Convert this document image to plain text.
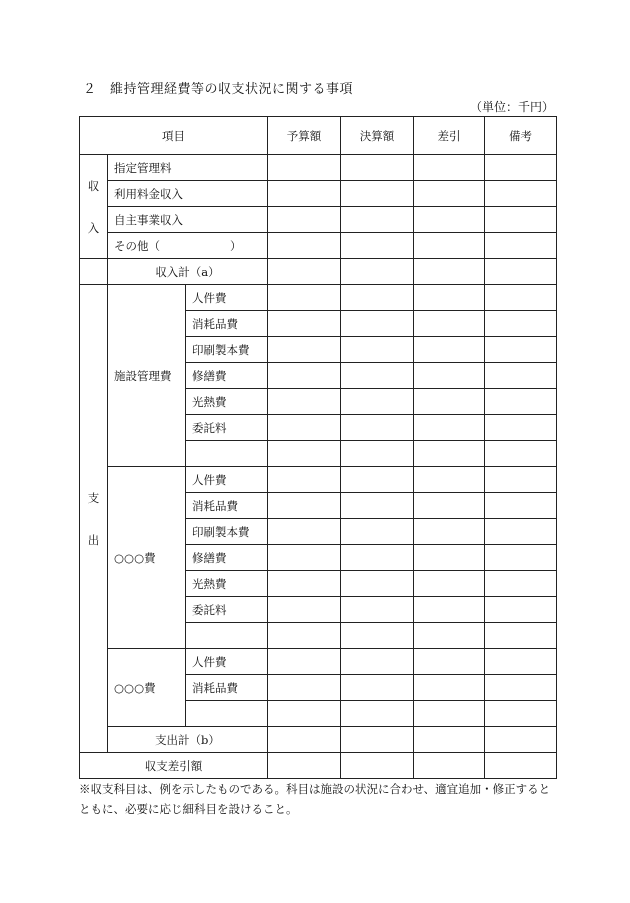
２　維持管理経費等の収支状況に関する事項
（単位：千円）
項目			予算額	決算額	差引	備考

収
入	指定管理料					
	利用料金収入					
	自主事業収入					
	その他（ ）					
	収入計（a）					

支
出	施設管理費	人件費				
		消耗品費				
		印刷製本費				
		修繕費				
		光熱費				
		委託料				

	○○○費	人件費				
		消耗品費				
		印刷製本費				
		修繕費				
		光熱費				
		委託料				

	○○○費	人件費				
		消耗品費				

	支出計（b）					
収支差引額						
※収支科目は、例を示したものである。科目は施設の状況に合わせ、適宜追加・修正するとともに、必要に応じ細科目を設けること。
